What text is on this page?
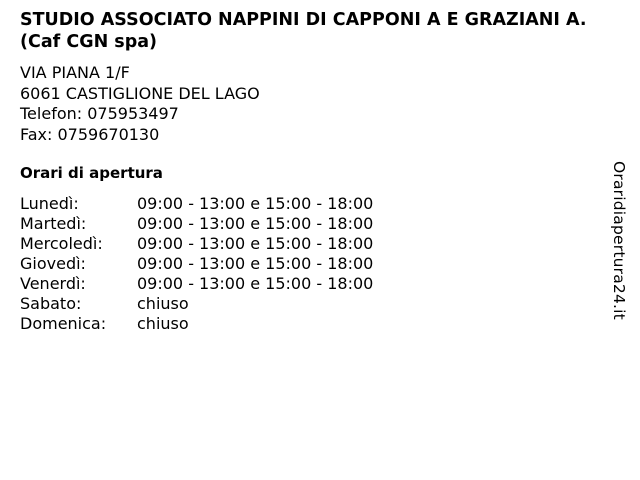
STUDIO ASSOCIATO NAPPINI DI CAPPONI A E GRAZIANI A. (Caf CGN spa)
VIA PIANA 1/F
6061 CASTIGLIONE DEL LAGO
Telefon: 075953497
Fax: 0759670130
Orari di apertura
Lunedì:	09:00 - 13:00 e 15:00 - 18:00
Martedì:	09:00 - 13:00 e 15:00 - 18:00
Mercoledì: 09:00 - 13:00 e 15:00 - 18:00
Giovedì:	09:00 - 13:00 e 15:00 - 18:00
Venerdì:	09:00 - 13:00 e 15:00 - 18:00
Sabato:	chiuso
Domenica: chiuso
Oraridiapertura24.it
